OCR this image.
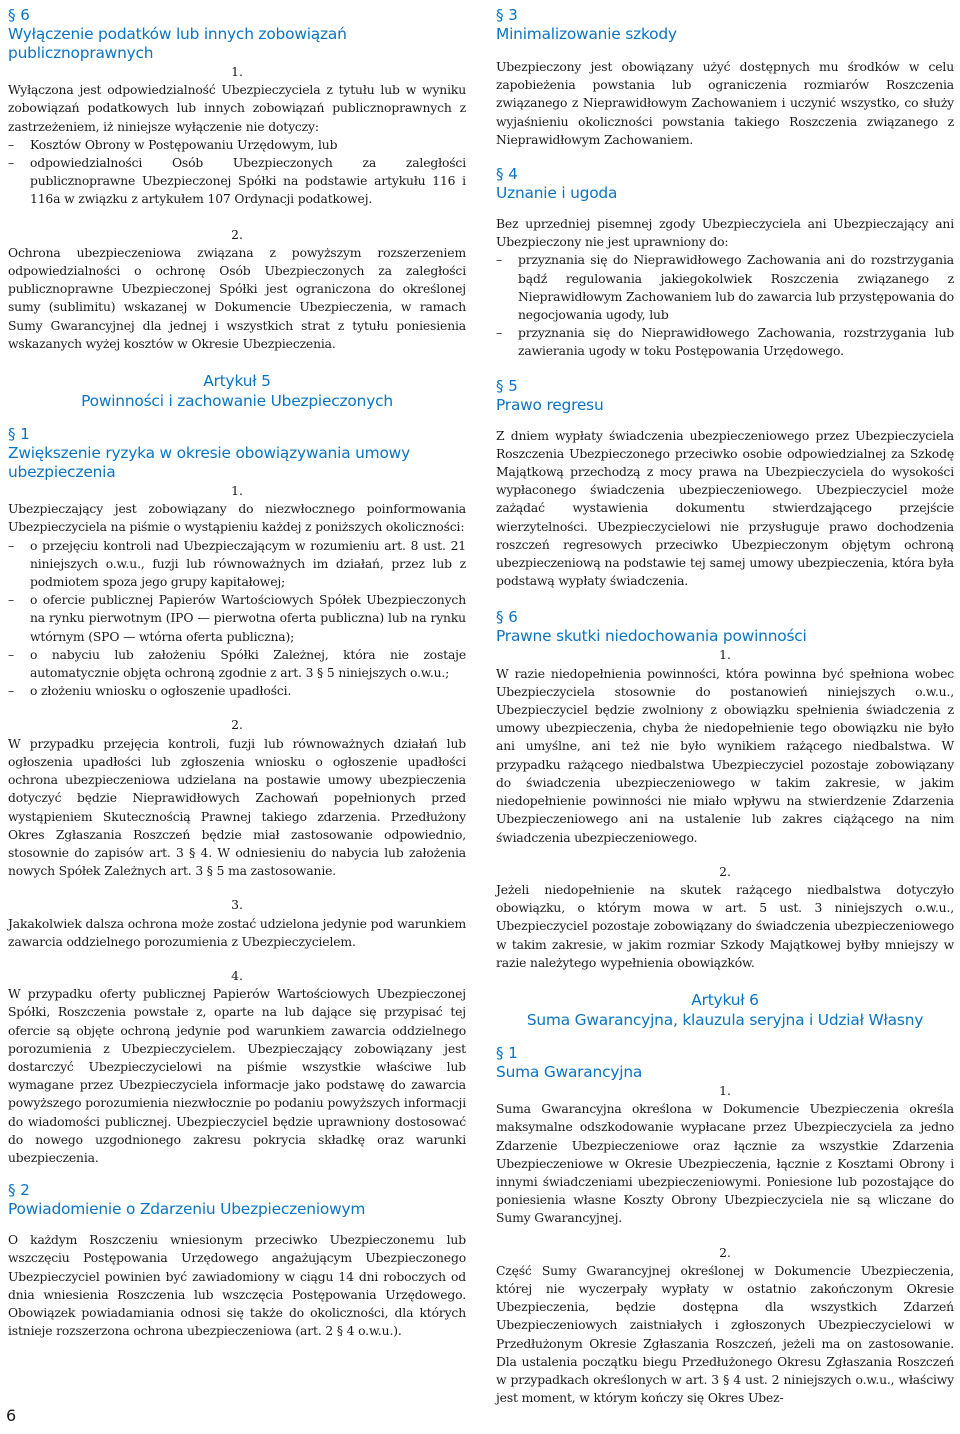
§ 6
Wyłączenie podatków lub innych zobowiązań publicznoprawnych
1.

Wyłączona jest odpowiedzialność Ubezpieczyciela z tytułu lub w wyniku zobowiązań podatkowych lub innych zobowiązań publicznoprawnych z zastrzeżeniem, iż niniejsze wyłączenie nie dotyczy:

– Kosztów Obrony w Postępowaniu Urzędowym, lub
– odpowiedzialności Osób Ubezpieczonych za zaległości publicznoprawne Ubezpieczonej Spółki na podstawie artykułu 116 i 116a w związku z artykułem 107 Ordynacji podatkowej.
2.

Ochrona ubezpieczeniowa związana z powyższym rozszerzeniem odpowiedzialności o ochronę Osób Ubezpieczonych za zaległości publicznoprawne Ubezpieczonej Spółki jest ograniczona do określonej sumy (sublimitu) wskazanej w Dokumencie Ubezpieczenia, w ramach Sumy Gwarancyjnej dla jednej i wszystkich strat z tytułu poniesienia wskazanych wyżej kosztów w Okresie Ubezpieczenia.

Artykuł 5
Powinności i zachowanie Ubezpieczonych
§ 1
Zwiększenie ryzyka w okresie obowiązywania umowy ubezpieczenia
1.

Ubezpieczający jest zobowiązany do niezwłocznego poinformowania Ubezpieczyciela na piśmie o wystąpieniu każdej z poniższych okoliczności:

– o przejęciu kontroli nad Ubezpieczającym w rozumieniu art. 8 ust. 21 niniejszych o.w.u., fuzji lub równoważnych im działań, przez lub z podmiotem spoza jego grupy kapitałowej;
– o ofercie publicznej Papierów Wartościowych Spółek Ubezpieczonych na rynku pierwotnym (IPO — pierwotna oferta publiczna) lub na rynku wtórnym (SPO — wtórna oferta publiczna);
– o nabyciu lub założeniu Spółki Zależnej, która nie zostaje automatycznie objęta ochroną zgodnie z art. 3 § 5 niniejszych o.w.u.;
– o złożeniu wniosku o ogłoszenie upadłości.
2.

W przypadku przejęcia kontroli, fuzji lub równoważnych działań lub ogłoszenia upadłości lub zgłoszenia wniosku o ogłoszenie upadłości ochrona ubezpieczeniowa udzielana na postawie umowy ubezpieczenia dotyczyć będzie Nieprawidłowych Zachowań popełnionych przed wystąpieniem Skutecznością Prawnej takiego zdarzenia. Przedłużony Okres Zgłaszania Roszczeń będzie miał zastosowanie odpowiednio, stosownie do zapisów art. 3 § 4. W odniesieniu do nabycia lub założenia nowych Spółek Zależnych art. 3 § 5 ma zastosowanie.

3.

Jakakolwiek dalsza ochrona może zostać udzielona jedynie pod warunkiem zawarcia oddzielnego porozumienia z Ubezpieczycielem.

4.

W przypadku oferty publicznej Papierów Wartościowych Ubezpieczonej Spółki, Roszczenia powstałe z, oparte na lub dające się przypisać tej ofercie są objęte ochroną jedynie pod warunkiem zawarcia oddzielnego porozumienia z Ubezpieczycielem. Ubezpieczający zobowiązany jest dostarczyć Ubezpieczycielowi na piśmie wszystkie właściwe lub wymagane przez Ubezpieczyciela informacje jako podstawę do zawarcia powyższego porozumienia niezwłocznie po podaniu powyższych informacji do wiadomości publicznej. Ubezpieczyciel będzie uprawniony dostosować do nowego uzgodnionego zakresu pokrycia składkę oraz warunki ubezpieczenia.

§ 2
Powiadomienie o Zdarzeniu Ubezpieczeniowym

O każdym Roszczeniu wniesionym przeciwko Ubezpieczonemu lub wszczęciu Postępowania Urzędowego angażującym Ubezpieczonego Ubezpieczyciel powinien być zawiadomiony w ciągu 14 dni roboczych od dnia wniesienia Roszczenia lub wszczęcia Postępowania Urzędowego. Obowiązek powiadamiania odnosi się także do okoliczności, dla których istnieje rozszerzona ochrona ubezpieczeniowa (art. 2 § 4 o.w.u.).

§ 3
Minimalizowanie szkody

Ubezpieczony jest obowiązany użyć dostępnych mu środków w celu zapobieżenia powstania lub ograniczenia rozmiarów Roszczenia związanego z Nieprawidłowym Zachowaniem i uczynić wszystko, co służy wyjaśnieniu okoliczności powstania takiego Roszczenia związanego z Nieprawidłowym Zachowaniem.

§ 4
Uznanie i ugoda

Bez uprzedniej pisemnej zgody Ubezpieczyciela ani Ubezpieczający ani Ubezpieczony nie jest uprawniony do:

– przyznania się do Nieprawidłowego Zachowania ani do rozstrzygania bądź regulowania jakiegokolwiek Roszczenia związanego z Nieprawidłowym Zachowaniem lub do zawarcia lub przystępowania do negocjowania ugody, lub
– przyznania się do Nieprawidłowego Zachowania, rozstrzygania lub zawierania ugody w toku Postępowania Urzędowego.
§ 5
Prawo regresu

Z dniem wypłaty świadczenia ubezpieczeniowego przez Ubezpieczyciela Roszczenia Ubezpieczonego przeciwko osobie odpowiedzialnej za Szkodę Majątkową przechodzą z mocy prawa na Ubezpieczyciela do wysokości wypłaconego świadczenia ubezpieczeniowego. Ubezpieczyciel może zażądać wystawienia dokumentu stwierdzającego przejście wierzytelności. Ubezpieczycielowi nie przysługuje prawo dochodzenia roszczeń regresowych przeciwko Ubezpieczonym objętym ochroną ubezpieczeniową na podstawie tej samej umowy ubezpieczenia, która była podstawą wypłaty świadczenia.

§ 6
Prawne skutki niedochowania powinności
1.

W razie niedopełnienia powinności, która powinna być spełniona wobec Ubezpieczyciela stosownie do postanowień niniejszych o.w.u., Ubezpieczyciel będzie zwolniony z obowiązku spełnienia świadczenia z umowy ubezpieczenia, chyba że niedopełnienie tego obowiązku nie było ani umyślne, ani też nie było wynikiem rażącego niedbalstwa. W przypadku rażącego niedbalstwa Ubezpieczyciel pozostaje zobowiązany do świadczenia ubezpieczeniowego w takim zakresie, w jakim niedopełnienie powinności nie miało wpływu na stwierdzenie Zdarzenia Ubezpieczeniowego ani na ustalenie lub zakres ciążącego na nim świadczenia ubezpieczeniowego.

2.

Jeżeli niedopełnienie na skutek rażącego niedbalstwa dotyczyło obowiązku, o którym mowa w art. 5 ust. 3 niniejszych o.w.u., Ubezpieczyciel pozostaje zobowiązany do świadczenia ubezpieczeniowego w takim zakresie, w jakim rozmiar Szkody Majątkowej byłby mniejszy w razie należytego wypełnienia obowiązków.

Artykuł 6
Suma Gwarancyjna, klauzula seryjna i Udział Własny
§ 1
Suma Gwarancyjna
1.

Suma Gwarancyjna określona w Dokumencie Ubezpieczenia określa maksymalne odszkodowanie wypłacane przez Ubezpieczyciela za jedno Zdarzenie Ubezpieczeniowe oraz łącznie za wszystkie Zdarzenia Ubezpieczeniowe w Okresie Ubezpieczenia, łącznie z Kosztami Obrony i innymi świadczeniami ubezpieczeniowymi. Poniesione lub pozostające do poniesienia własne Koszty Obrony Ubezpieczyciela nie są wliczane do Sumy Gwarancyjnej.

2.

Część Sumy Gwarancyjnej określonej w Dokumencie Ubezpieczenia, której nie wyczerpały wypłaty w ostatnio zakończonym Okresie Ubezpieczenia, będzie dostępna dla wszystkich Zdarzeń Ubezpieczeniowych zaistniałych i zgłoszonych Ubezpieczycielowi w Przedłużonym Okresie Zgłaszania Roszczeń, jeżeli ma on zastosowanie. Dla ustalenia początku biegu Przedłużonego Okresu Zgłaszania Roszczeń w przypadkach określonych w art. 3 § 4 ust. 2 niniejszych o.w.u., właściwy jest moment, w którym kończy się Okres Ubez-

6
